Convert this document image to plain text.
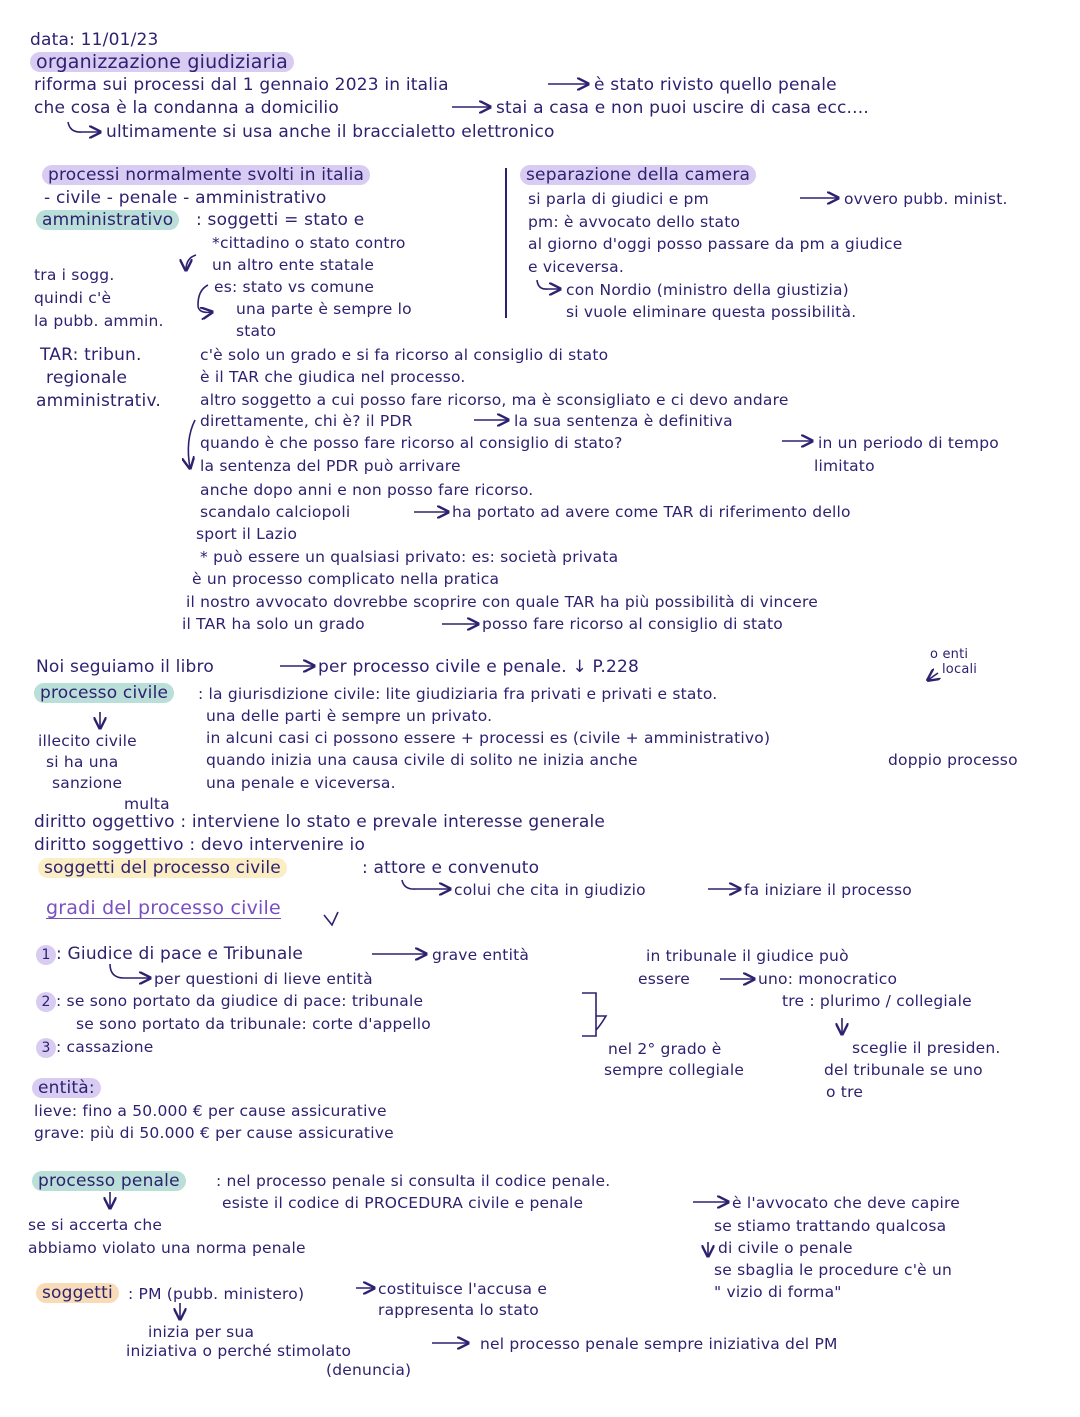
data: 11/01/23
organizzazione giudiziaria
riforma sui processi dal 1 gennaio 2023 in italia	è stato rivisto quello penale
che cosa è la condanna a domicilio	stai a casa e non puoi uscire di casa ecc....
ultimamente si usa anche il braccialetto elettronico
processi normalmente svolti in italia
- civile - penale - amministrativo
amministrativo	: soggetti = stato e
*cittadino o stato contro
un altro ente statale
es: stato vs comune
una parte è sempre lo
stato
tra i sogg.
quindi c'è
la pubb. ammin.
separazione della camera
si parla di giudici e pm	ovvero pubb. minist.
pm: è avvocato dello stato
al giorno d'oggi posso passare da pm a giudice
e viceversa.
con Nordio (ministro della giustizia)
si vuole eliminare questa possibilità.
TAR: tribun.
regionale
amministrativ.
c'è solo un grado e si fa ricorso al consiglio di stato
è il TAR che giudica nel processo.
altro soggetto a cui posso fare ricorso, ma è sconsigliato e ci devo andare
direttamente, chi è? il PDR	la sua sentenza è definitiva
quando è che posso fare ricorso al consiglio di stato?	in un periodo di tempo
limitato
la sentenza del PDR può arrivare
anche dopo anni e non posso fare ricorso.
scandalo calciopoli	ha portato ad avere come TAR di riferimento dello
sport il Lazio
* può essere un qualsiasi privato: es: società privata
è un processo complicato nella pratica
il nostro avvocato dovrebbe scoprire con quale TAR ha più possibilità di vincere
il TAR ha solo un grado	posso fare ricorso al consiglio di stato
Noi seguiamo il libro	per processo civile e penale. ↓ P.228
o enti
locali
processo civile	: la giurisdizione civile: lite giudiziaria fra privati e privati e stato.
una delle parti è sempre un privato.
in alcuni casi ci possono essere + processi es (civile + amministrativo)
quando inizia una causa civile di solito ne inizia anche	doppio processo
una penale e viceversa.
illecito civile
si ha una
sanzione
multa
diritto oggettivo : interviene lo stato e prevale interesse generale
diritto soggettivo : devo intervenire io
soggetti del processo civile	: attore e convenuto
colui che cita in giudizio	fa iniziare il processo
gradi del processo civile
1 : Giudice di pace e Tribunale	grave entità
per questioni di lieve entità
2 : se sono portato da giudice di pace: tribunale
se sono portato da tribunale: corte d'appello
3 : cassazione
in tribunale il giudice può
essere	uno: monocratico
tre : plurimo / collegiale
nel 2° grado è
sempre collegiale
sceglie il presiden.
del tribunale se uno
o tre
entità:
lieve: fino a 50.000 € per cause assicurative
grave: più di 50.000 € per cause assicurative
processo penale	: nel processo penale si consulta il codice penale.
esiste il codice di PROCEDURA civile e penale	è l'avvocato che deve capire
se stiamo trattando qualcosa
di civile o penale
se sbaglia le procedure c'è un
" vizio di forma"
se si accerta che
abbiamo violato una norma penale
soggetti : PM (pubb. ministero)	costituisce l'accusa e
rappresenta lo stato
inizia per sua
iniziativa o perché stimolato	nel processo penale sempre iniziativa del PM
(denuncia)
